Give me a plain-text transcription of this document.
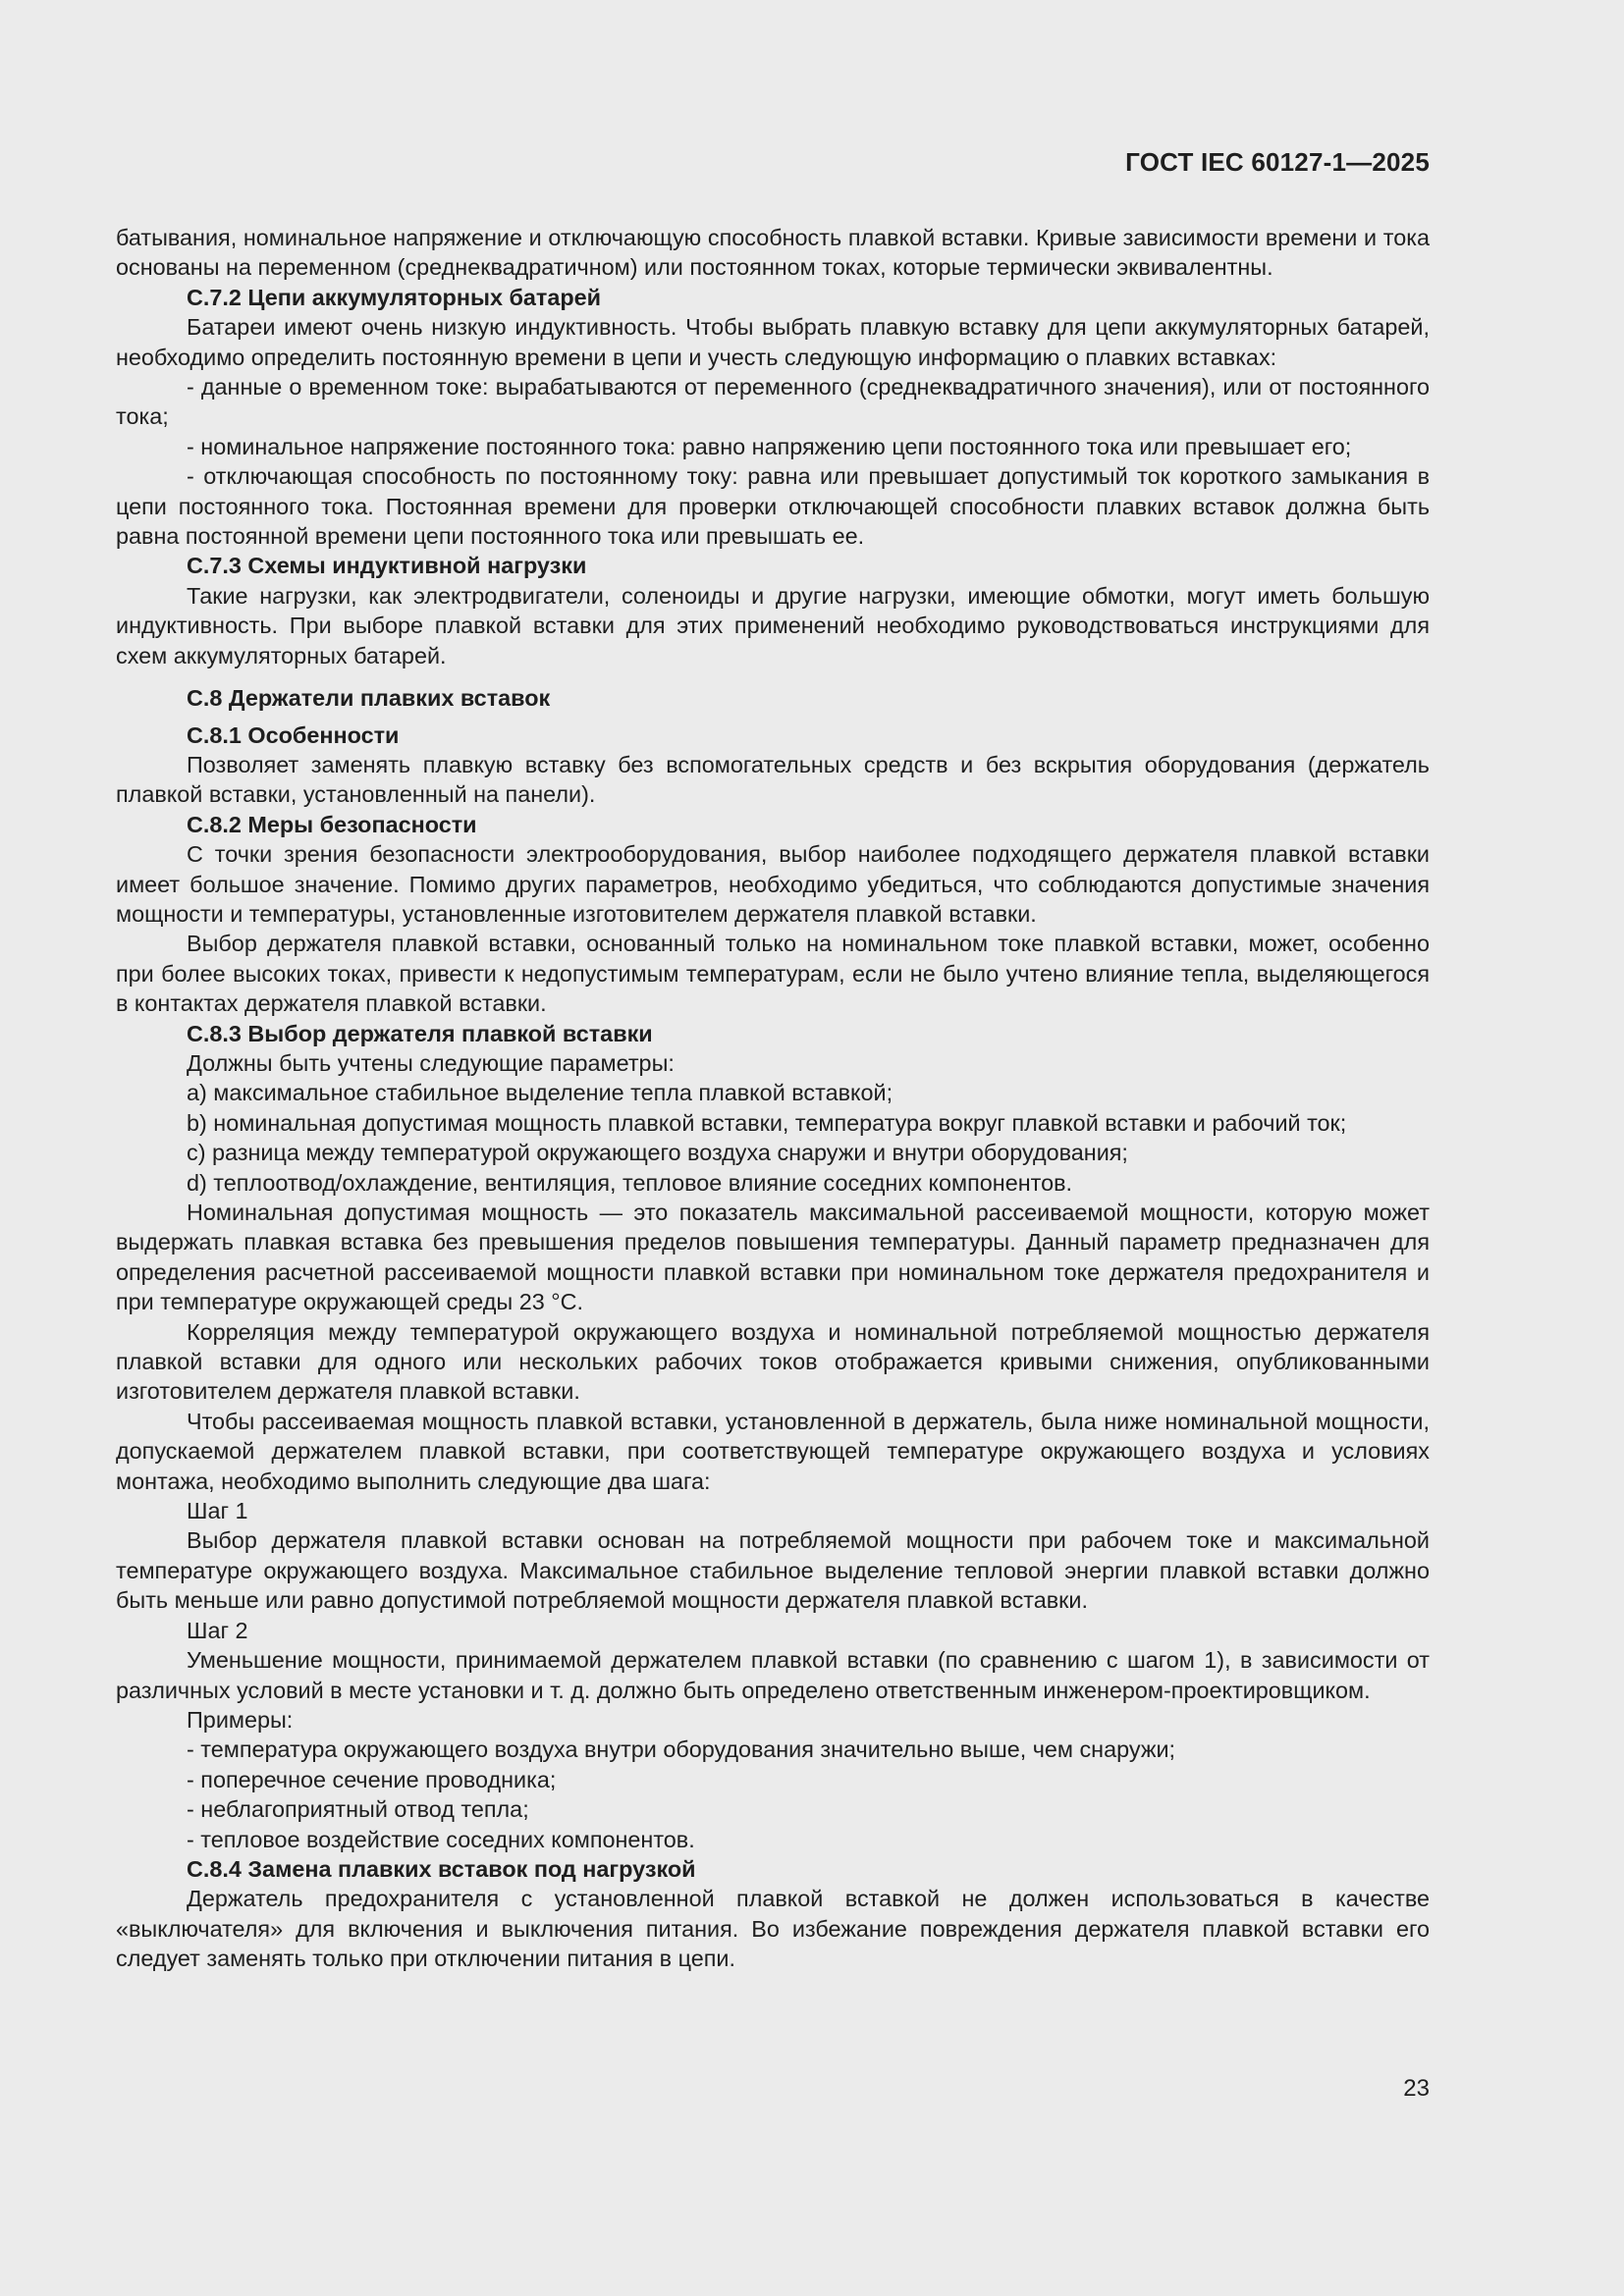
ГОСТ IEC 60127-1—2025

батывания, номинальное напряжение и отключающую способность плавкой вставки. Кривые зависимости времени и тока основаны на переменном (среднеквадратичном) или постоянном токах, которые термически эквивалентны.

С.7.2 Цепи аккумуляторных батарей

Батареи имеют очень низкую индуктивность. Чтобы выбрать плавкую вставку для цепи аккумуляторных батарей, необходимо определить постоянную времени в цепи и учесть следующую информацию о плавких вставках:

- данные о временном токе: вырабатываются от переменного (среднеквадратичного значения), или от постоянного тока;

- номинальное напряжение постоянного тока: равно напряжению цепи постоянного тока или превышает его;

- отключающая способность по постоянному току: равна или превышает допустимый ток короткого замыкания в цепи постоянного тока. Постоянная времени для проверки отключающей способности плавких вставок должна быть равна постоянной времени цепи постоянного тока или превышать ее.

С.7.3 Схемы индуктивной нагрузки

Такие нагрузки, как электродвигатели, соленоиды и другие нагрузки, имеющие обмотки, могут иметь большую индуктивность. При выборе плавкой вставки для этих применений необходимо руководствоваться инструкциями для схем аккумуляторных батарей.

С.8 Держатели плавких вставок

С.8.1 Особенности

Позволяет заменять плавкую вставку без вспомогательных средств и без вскрытия оборудования (держатель плавкой вставки, установленный на панели).

С.8.2 Меры безопасности

С точки зрения безопасности электрооборудования, выбор наиболее подходящего держателя плавкой вставки имеет большое значение. Помимо других параметров, необходимо убедиться, что соблюдаются допустимые значения мощности и температуры, установленные изготовителем держателя плавкой вставки.

Выбор держателя плавкой вставки, основанный только на номинальном токе плавкой вставки, может, особенно при более высоких токах, привести к недопустимым температурам, если не было учтено влияние тепла, выделяющегося в контактах держателя плавкой вставки.

С.8.3 Выбор держателя плавкой вставки

Должны быть учтены следующие параметры:

a) максимальное стабильное выделение тепла плавкой вставкой;

b) номинальная допустимая мощность плавкой вставки, температура вокруг плавкой вставки и рабочий ток;

c) разница между температурой окружающего воздуха снаружи и внутри оборудования;

d) теплоотвод/охлаждение, вентиляция, тепловое влияние соседних компонентов.

Номинальная допустимая мощность — это показатель максимальной рассеиваемой мощности, которую может выдержать плавкая вставка без превышения пределов повышения температуры. Данный параметр предназначен для определения расчетной рассеиваемой мощности плавкой вставки при номинальном токе держателя предохранителя и при температуре окружающей среды 23 °С.

Корреляция между температурой окружающего воздуха и номинальной потребляемой мощностью держателя плавкой вставки для одного или нескольких рабочих токов отображается кривыми снижения, опубликованными изготовителем держателя плавкой вставки.

Чтобы рассеиваемая мощность плавкой вставки, установленной в держатель, была ниже номинальной мощности, допускаемой держателем плавкой вставки, при соответствующей температуре окружающего воздуха и условиях монтажа, необходимо выполнить следующие два шага:

Шаг 1

Выбор держателя плавкой вставки основан на потребляемой мощности при рабочем токе и максимальной температуре окружающего воздуха. Максимальное стабильное выделение тепловой энергии плавкой вставки должно быть меньше или равно допустимой потребляемой мощности держателя плавкой вставки.

Шаг 2

Уменьшение мощности, принимаемой держателем плавкой вставки (по сравнению с шагом 1), в зависимости от различных условий в месте установки и т. д. должно быть определено ответственным инженером-проектировщиком.

Примеры:

- температура окружающего воздуха внутри оборудования значительно выше, чем снаружи;

- поперечное сечение проводника;

- неблагоприятный отвод тепла;

- тепловое воздействие соседних компонентов.

С.8.4 Замена плавких вставок под нагрузкой

Держатель предохранителя с установленной плавкой вставкой не должен использоваться в качестве «выключателя» для включения и выключения питания. Во избежание повреждения держателя плавкой вставки его следует заменять только при отключении питания в цепи.

23
